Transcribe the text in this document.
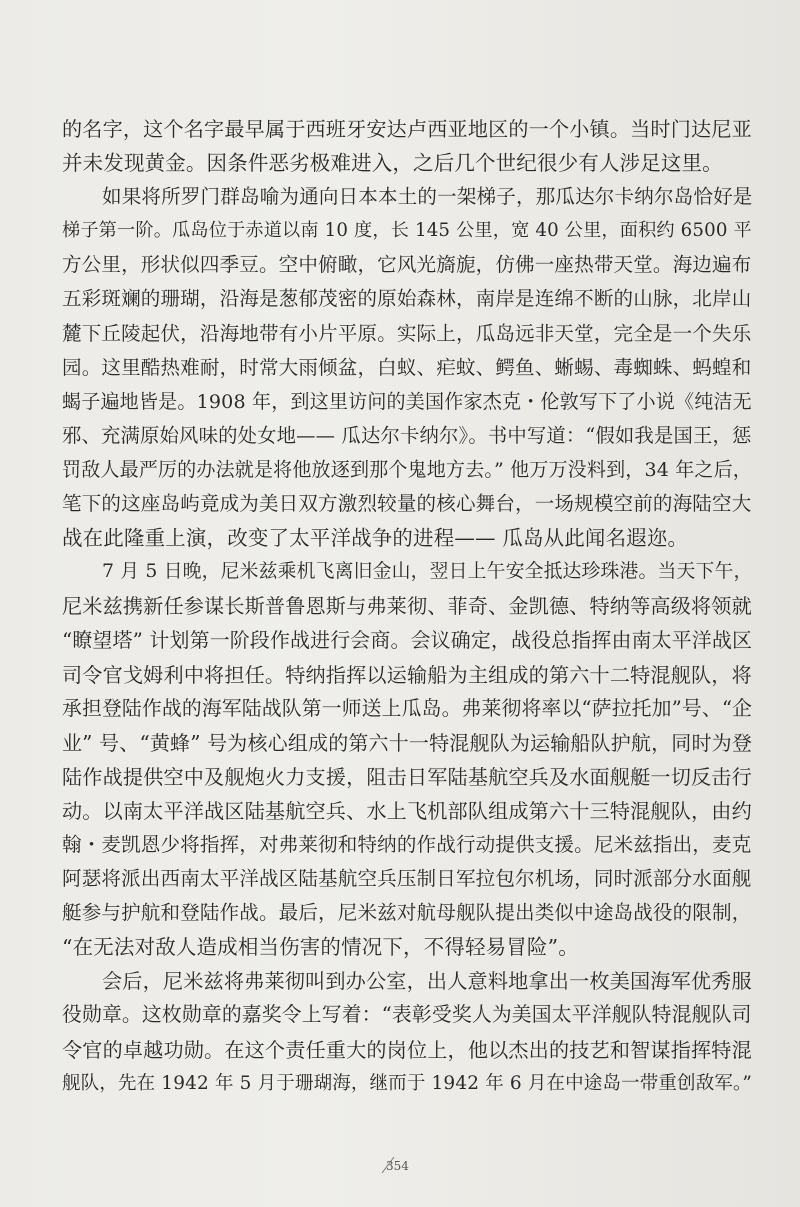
的名字，这个名字最早属于西班牙安达卢西亚地区的一个小镇。当时门达尼亚
并未发现黄金。因条件恶劣极难进入，之后几个世纪很少有人涉足这里。
如果将所罗门群岛喻为通向日本本土的一架梯子，那瓜达尔卡纳尔岛恰好是
梯子第一阶。瓜岛位于赤道以南 10 度，长 145 公里，宽 40 公里，面积约 6500 平
方公里，形状似四季豆。空中俯瞰，它风光旖旎，仿佛一座热带天堂。海边遍布
五彩斑斓的珊瑚，沿海是葱郁茂密的原始森林，南岸是连绵不断的山脉，北岸山
麓下丘陵起伏，沿海地带有小片平原。实际上，瓜岛远非天堂，完全是一个失乐
园。这里酷热难耐，时常大雨倾盆，白蚁、疟蚊、鳄鱼、蜥蜴、毒蜘蛛、蚂蝗和
蝎子遍地皆是。1908 年，到这里访问的美国作家杰克・伦敦写下了小说《纯洁无
邪、充满原始风味的处女地—— 瓜达尔卡纳尔》。书中写道：“假如我是国王，惩
罚敌人最严厉的办法就是将他放逐到那个鬼地方去。” 他万万没料到，34 年之后，
笔下的这座岛屿竟成为美日双方激烈较量的核心舞台，一场规模空前的海陆空大
战在此隆重上演，改变了太平洋战争的进程—— 瓜岛从此闻名遐迩。
7 月 5 日晚，尼米兹乘机飞离旧金山，翌日上午安全抵达珍珠港。当天下午，
尼米兹携新任参谋长斯普鲁恩斯与弗莱彻、菲奇、金凯德、特纳等高级将领就
“瞭望塔” 计划第一阶段作战进行会商。会议确定，战役总指挥由南太平洋战区
司令官戈姆利中将担任。特纳指挥以运输船为主组成的第六十二特混舰队，将
承担登陆作战的海军陆战队第一师送上瓜岛。弗莱彻将率以“萨拉托加”号、“企
业” 号、“黄蜂” 号为核心组成的第六十一特混舰队为运输船队护航，同时为登
陆作战提供空中及舰炮火力支援，阻击日军陆基航空兵及水面舰艇一切反击行
动。以南太平洋战区陆基航空兵、水上飞机部队组成第六十三特混舰队，由约
翰・麦凯恩少将指挥，对弗莱彻和特纳的作战行动提供支援。尼米兹指出，麦克
阿瑟将派出西南太平洋战区陆基航空兵压制日军拉包尔机场，同时派部分水面舰
艇参与护航和登陆作战。最后，尼米兹对航母舰队提出类似中途岛战役的限制，
“在无法对敌人造成相当伤害的情况下，不得轻易冒险”。
会后，尼米兹将弗莱彻叫到办公室，出人意料地拿出一枚美国海军优秀服
役勋章。这枚勋章的嘉奖令上写着：“表彰受奖人为美国太平洋舰队特混舰队司
令官的卓越功勋。在这个责任重大的岗位上，他以杰出的技艺和智谋指挥特混
舰队，先在 1942 年 5 月于珊瑚海，继而于 1942 年 6 月在中途岛一带重创敌军。”
354
